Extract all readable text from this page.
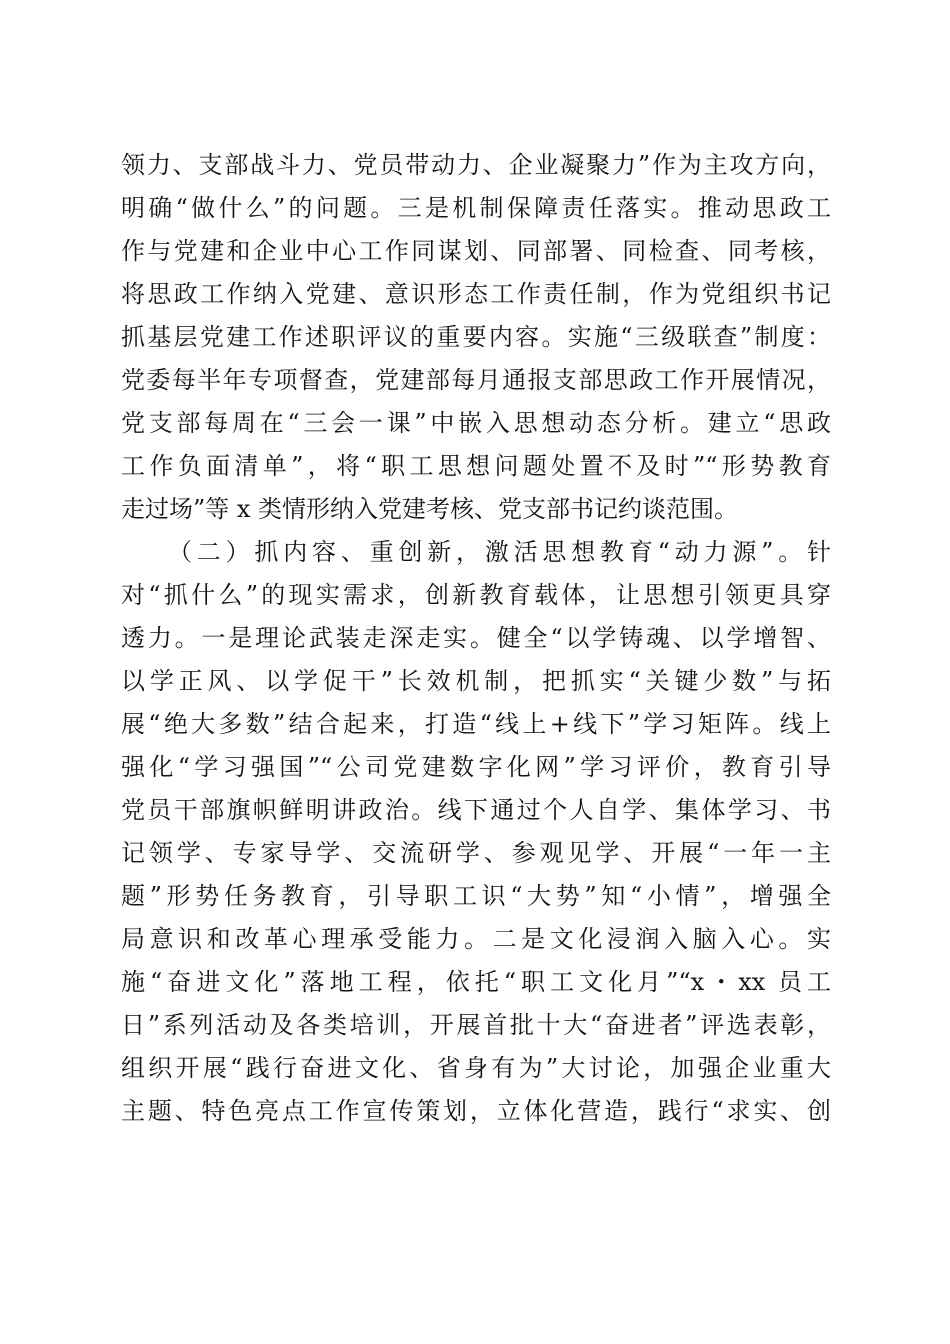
领力、支部战斗力、党员带动力、企业凝聚力”作为主攻方向，
明确“做什么”的问题。三是机制保障责任落实。推动思政工
作与党建和企业中心工作同谋划、同部署、同检查、同考核，
将思政工作纳入党建、意识形态工作责任制，作为党组织书记
抓基层党建工作述职评议的重要内容。实施“三级联查”制度：
党委每半年专项督查，党建部每月通报支部思政工作开展情况，
党支部每周在“三会一课”中嵌入思想动态分析。建立“思政
工作负面清单”，将“职工思想问题处置不及时”“形势教育
走过场”等 x 类情形纳入党建考核、党支部书记约谈范围。
（二）抓内容、重创新，激活思想教育“动力源”。针
对“抓什么”的现实需求，创新教育载体，让思想引领更具穿
透力。一是理论武装走深走实。健全“以学铸魂、以学增智、
以学正风、以学促干”长效机制，把抓实“关键少数”与拓
展“绝大多数”结合起来，打造“线上+线下”学习矩阵。线上
强化“学习强国”“公司党建数字化网”学习评价，教育引导
党员干部旗帜鲜明讲政治。线下通过个人自学、集体学习、书
记领学、专家导学、交流研学、参观见学、开展“一年一主
题”形势任务教育，引导职工识“大势”知“小情”，增强全
局意识和改革心理承受能力。二是文化浸润入脑入心。实
施“奋进文化”落地工程，依托“职工文化月”“x・xx 员工
日”系列活动及各类培训，开展首批十大“奋进者”评选表彰，
组织开展“践行奋进文化、省身有为”大讨论，加强企业重大
主题、特色亮点工作宣传策划，立体化营造，践行“求实、创
